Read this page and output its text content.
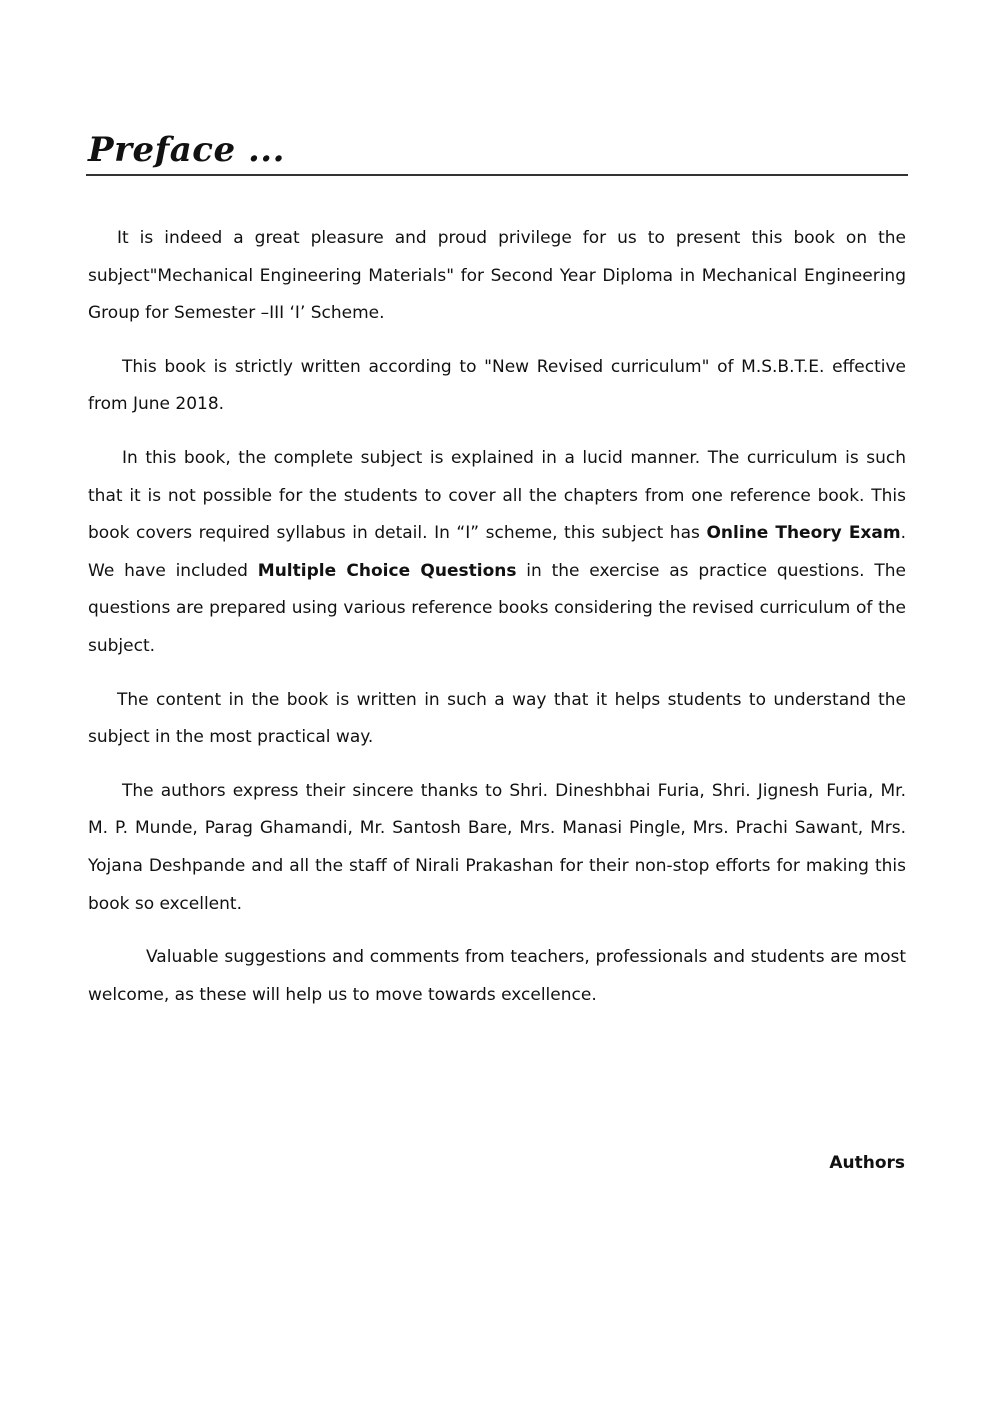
Preface ...

It is indeed a great pleasure and proud privilege for us to present this book on the subject"Mechanical Engineering Materials" for Second Year Diploma in Mechanical Engineering Group for Semester –III ‘I’ Scheme.

This book is strictly written according to "New Revised curriculum" of M.S.B.T.E. effective from June 2018.

In this book, the complete subject is explained in a lucid manner. The curriculum is such that it is not possible for the students to cover all the chapters from one reference book. This book covers required syllabus in detail. In “I” scheme, this subject has Online Theory Exam. We have included Multiple Choice Questions in the exercise as practice questions. The questions are prepared using various reference books considering the revised curriculum of the subject.

The content in the book is written in such a way that it helps students to understand the subject in the most practical way.

The authors express their sincere thanks to Shri. Dineshbhai Furia, Shri. Jignesh Furia, Mr. M. P. Munde, Parag Ghamandi, Mr. Santosh Bare, Mrs. Manasi Pingle, Mrs. Prachi Sawant, Mrs. Yojana Deshpande and all the staff of Nirali Prakashan for their non-stop efforts for making this book so excellent.

Valuable suggestions and comments from teachers, professionals and students are most welcome, as these will help us to move towards excellence.

Authors
